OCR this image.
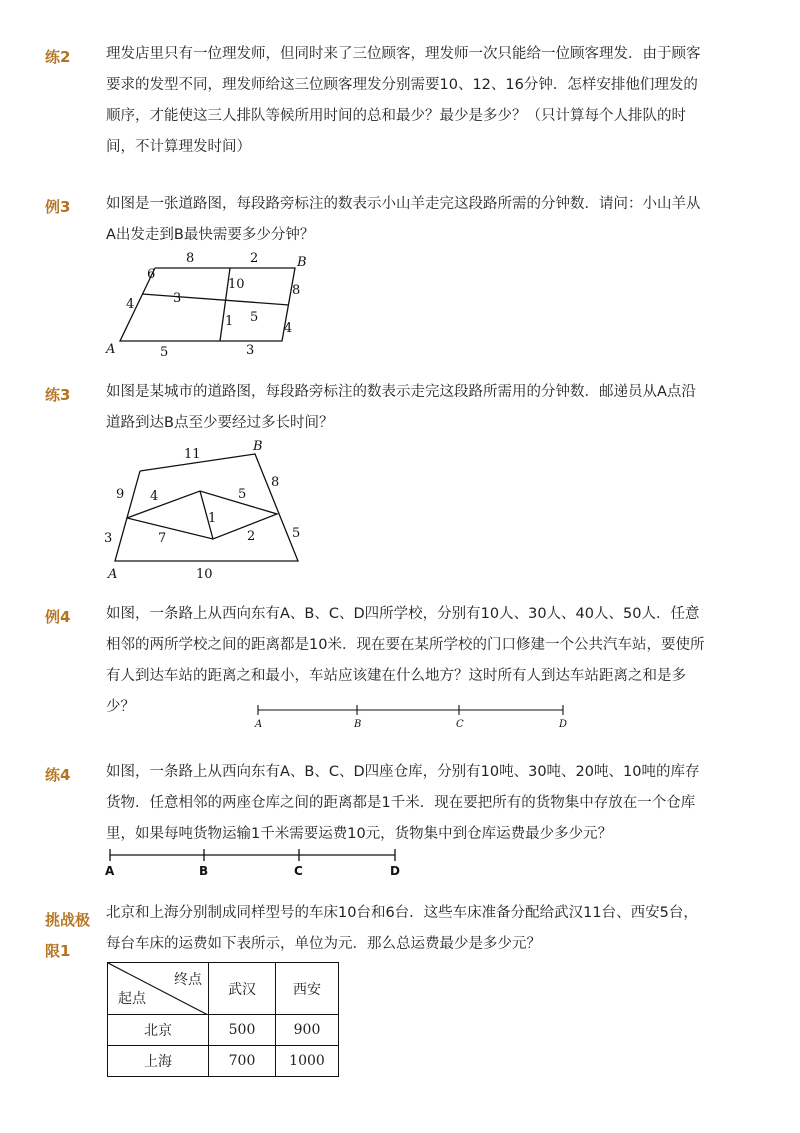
练2 理发店里只有一位理发师，但同时来了三位顾客，理发师一次只能给一位顾客理发．由于顾客要求的发型不同，理发师给这三位顾客理发分别需要10、12、16分钟．怎样安排他们理发的顺序，才能使这三人排队等候所用时间的总和最少？最少是多少？（只计算每个人排队的时间，不计算理发时间）
例3 如图是一张道路图，每段路旁标注的数表示小山羊走完这段路所需的分钟数．请问：小山羊从A出发走到B最快需要多少分钟？
A
B
8	2
6
4	3
10	8
1 5
4
5	3
练3 如图是某城市的道路图，每段路旁标注的数表示走完这段路所需用的分钟数．邮递员从A点沿道路到达B点至少要经过多长时间？
A
B
11
9 4	5
8
1
3	7	2	5
10
例4 如图，一条路上从西向东有A、B、C、D四所学校，分别有10人、30人、40人、50人．任意相邻的两所学校之间的距离都是10米．现在要在某所学校的门口修建一个公共汽车站，要使所有人到达车站的距离之和最小，车站应该建在什么地方？这时所有人到达车站距离之和是多少？
A	B	C	D
练4 如图，一条路上从西向东有A、B、C、D四座仓库，分别有10吨、30吨、20吨、10吨的库存货物．任意相邻的两座仓库之间的距离都是1千米．现在要把所有的货物集中存放在一个仓库里，如果每吨货物运输1千米需要运费10元，货物集中到仓库运费最少多少元？
A	B	C	D
挑战极
限1
北京和上海分别制成同样型号的车床10台和6台．这些车床准备分配给武汉11台、西安5台，每台车床的运费如下表所示，单位为元．那么总运费最少是多少元？
终点
起点	武汉	西安
北京	500	900
上海	700	1000
